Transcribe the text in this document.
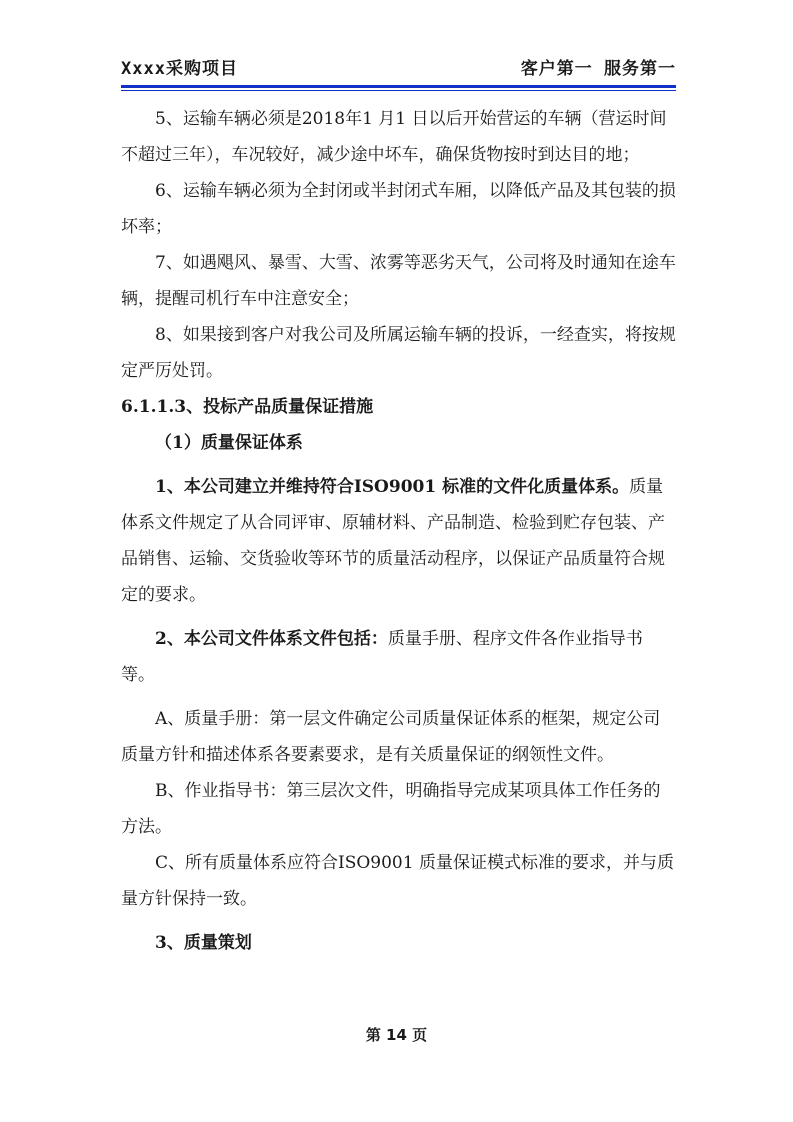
Xxxx采购项目	客户第一 服务第一

5、运输车辆必须是2018年1 月1 日以后开始营运的车辆（营运时间不超过三年），车况较好，减少途中坏车，确保货物按时到达目的地；

6、运输车辆必须为全封闭或半封闭式车厢，以降低产品及其包装的损坏率；

7、如遇飓风、暴雪、大雪、浓雾等恶劣天气，公司将及时通知在途车辆，提醒司机行车中注意安全；

8、如果接到客户对我公司及所属运输车辆的投诉，一经查实，将按规定严厉处罚。

6.1.1.3、投标产品质量保证措施

（1）质量保证体系

1、本公司建立并维持符合ISO9001 标准的文件化质量体系。质量体系文件规定了从合同评审、原辅材料、产品制造、检验到贮存包装、产品销售、运输、交货验收等环节的质量活动程序，以保证产品质量符合规定的要求。

2、本公司文件体系文件包括：质量手册、程序文件各作业指导书等。

A、质量手册：第一层文件确定公司质量保证体系的框架，规定公司质量方针和描述体系各要素要求，是有关质量保证的纲领性文件。

B、作业指导书：第三层次文件，明确指导完成某项具体工作任务的方法。

C、所有质量体系应符合ISO9001 质量保证模式标准的要求，并与质量方针保持一致。

3、质量策划

第 14 页
